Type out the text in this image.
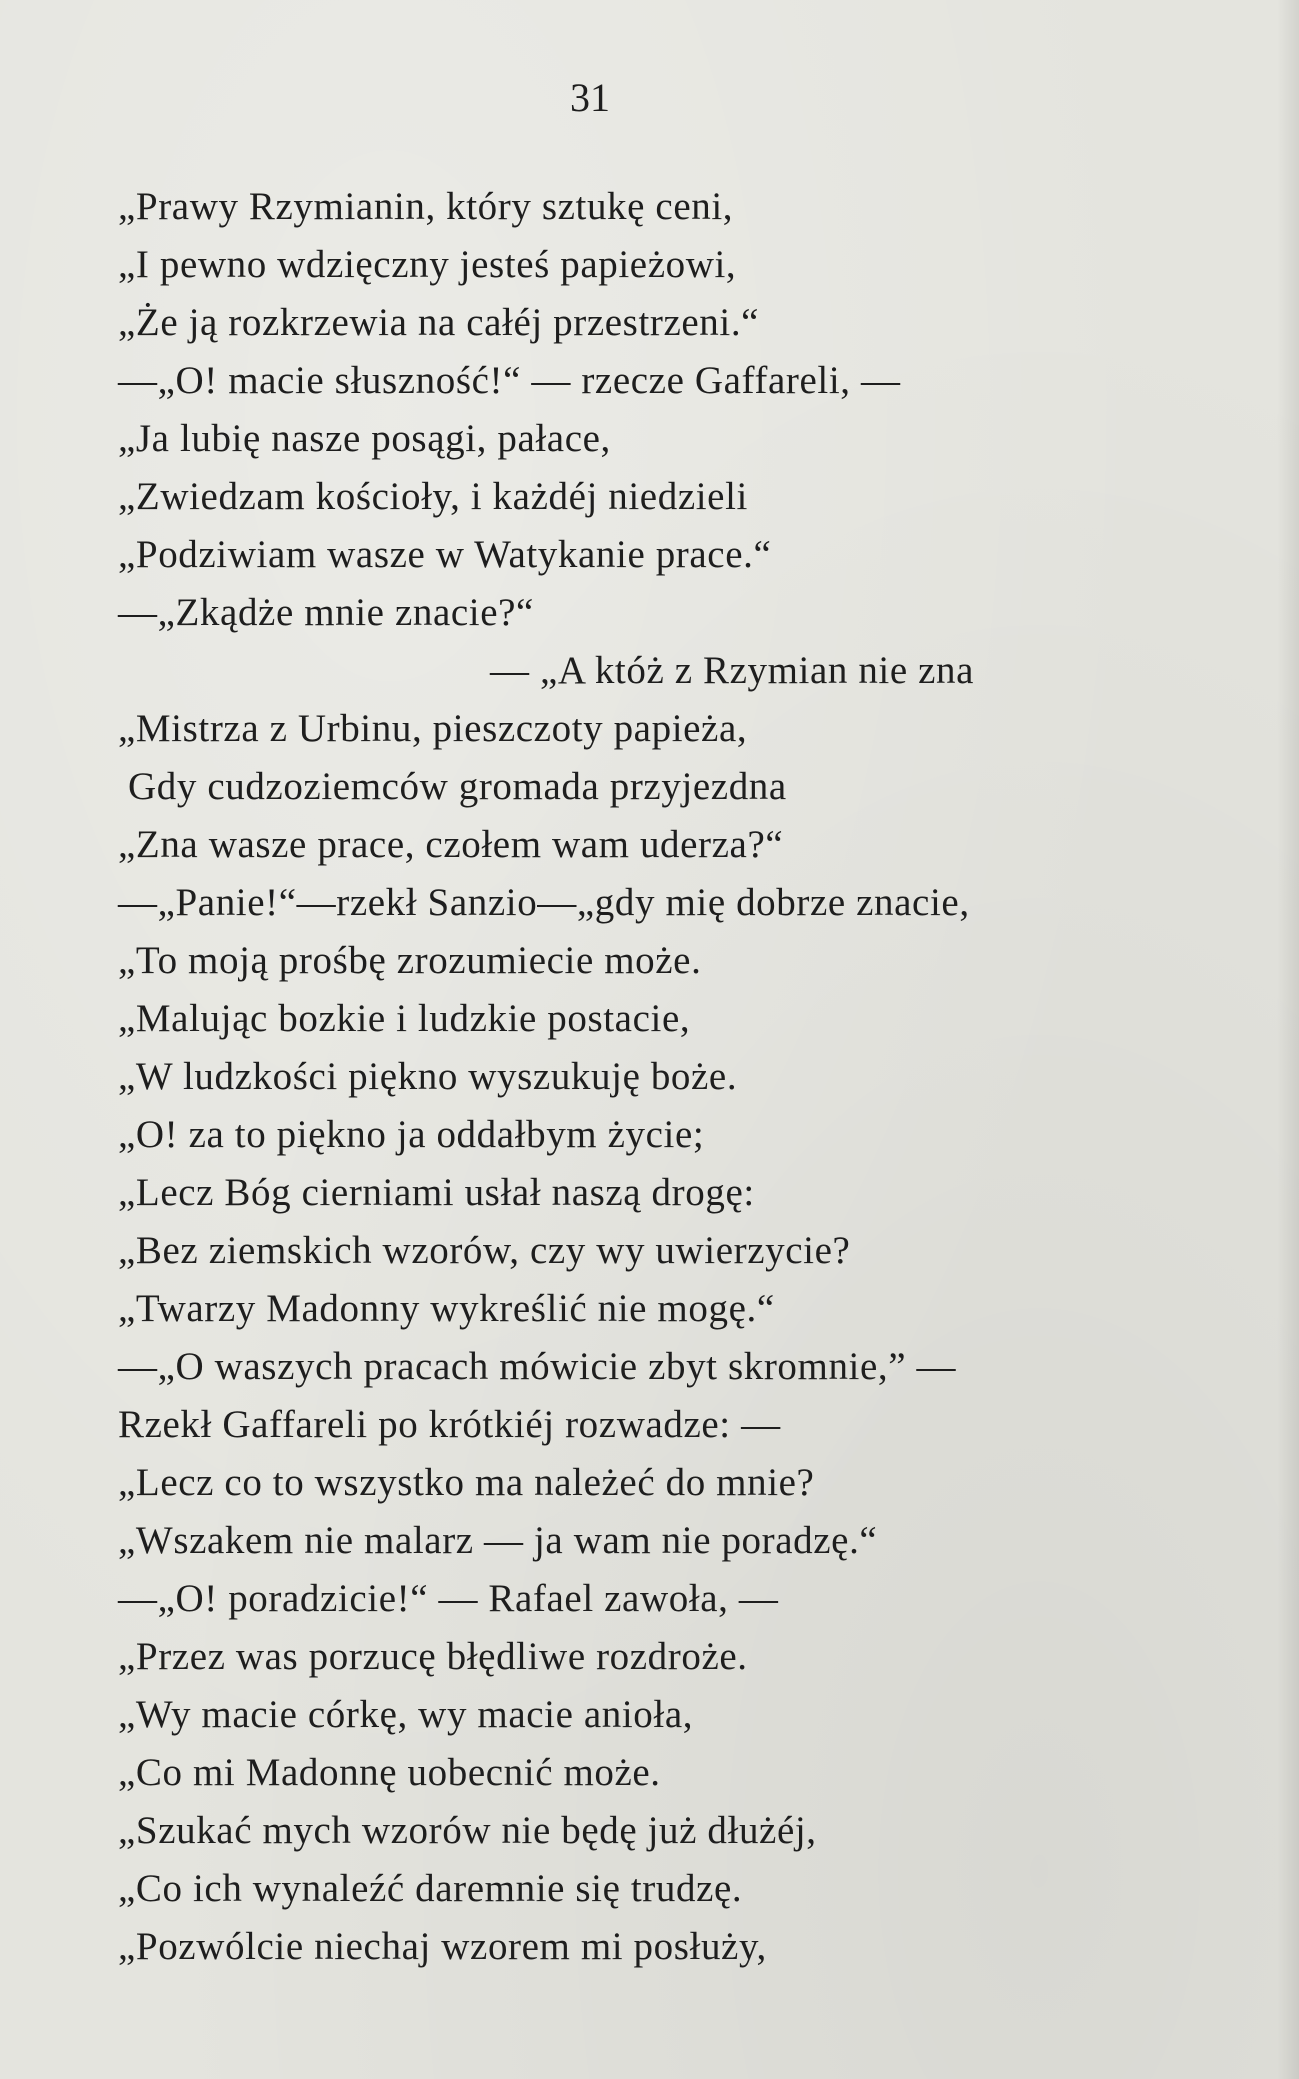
31
„Prawy Rzymianin, który sztukę ceni,
„I pewno wdzięczny jesteś papieżowi,
„Że ją rozkrzewia na całéj przestrzeni.“
—„O! macie słuszność!“ — rzecze Gaffareli, —
„Ja lubię nasze posągi, pałace,
„Zwiedzam kościoły, i każdéj niedzieli
„Podziwiam wasze w Watykanie prace.“
—„Zkądże mnie znacie?“
— „A któż z Rzymian nie zna
„Mistrza z Urbinu, pieszczoty papieża,
Gdy cudzoziemców gromada przyjezdna
„Zna wasze prace, czołem wam uderza?“
—„Panie!“—rzekł Sanzio—„gdy mię dobrze znacie,
„To moją prośbę zrozumiecie może.
„Malując bozkie i ludzkie postacie,
„W ludzkości piękno wyszukuję boże.
„O! za to piękno ja oddałbym życie;
„Lecz Bóg cierniami usłał naszą drogę:
„Bez ziemskich wzorów, czy wy uwierzycie?
„Twarzy Madonny wykreślić nie mogę.“
—„O waszych pracach mówicie zbyt skromnie,” —
Rzekł Gaffareli po krótkiéj rozwadze: —
„Lecz co to wszystko ma należeć do mnie?
„Wszakem nie malarz — ja wam nie poradzę.“
—„O! poradzicie!“ — Rafael zawoła, —
„Przez was porzucę błędliwe rozdroże.
„Wy macie córkę, wy macie anioła,
„Co mi Madonnę uobecnić może.
„Szukać mych wzorów nie będę już dłużéj,
„Co ich wynaleźć daremnie się trudzę.
„Pozwólcie niechaj wzorem mi posłuży,
